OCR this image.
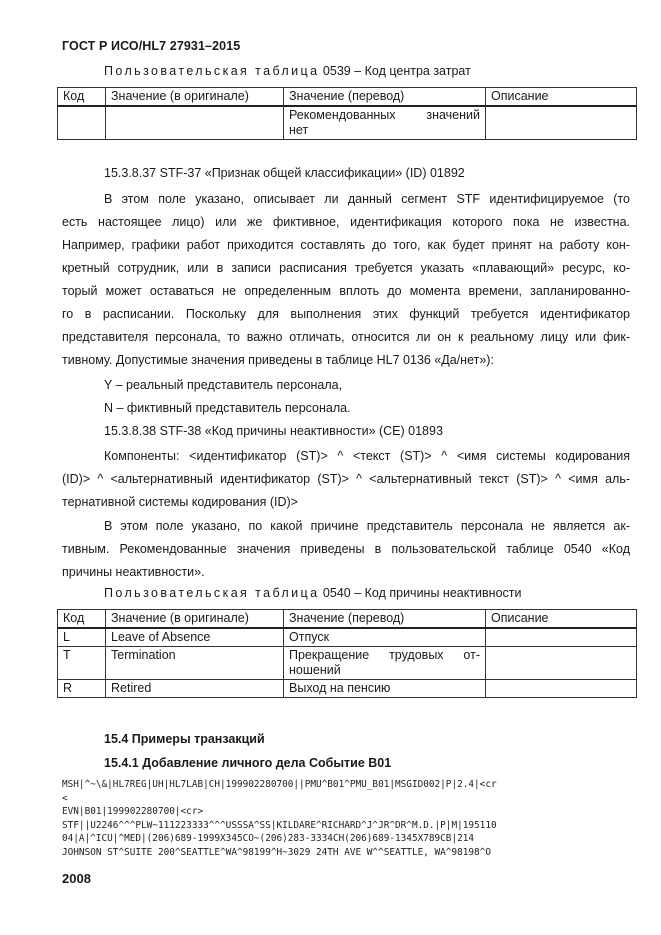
ГОСТ Р ИСО/HL7 27931–2015
Пользовательская таблица 0539 – Код центра затрат
Код	Значение (в оригинале)	Значение (перевод)	Описание

		Рекомендованных значений
нет	

15.3.8.37 STF-37 «Признак общей классификации» (ID) 01892
В этом поле указано, описывает ли данный сегмент STF идентифицируемое (то
есть настоящее лицо) или же фиктивное, идентификация которого пока не известна.
Например, графики работ приходится составлять до того, как будет принят на работу кон-
кретный сотрудник, или в записи расписания требуется указать «плавающий» ресурс, ко-
торый может оставаться не определенным вплоть до момента времени, запланированно-
го в расписании. Поскольку для выполнения этих функций требуется идентификатор
представителя персонала, то важно отличать, относится ли он к реальному лицу или фик-
тивному. Допустимые значения приведены в таблице HL7 0136 «Да/нет»):
Y – реальный представитель персонала,
N – фиктивный представитель персонала.
15.3.8.38 STF-38 «Код причины неактивности» (CE) 01893
Компоненты: <идентификатор (ST)> ^ <текст (ST)> ^ <имя системы кодирования
(ID)> ^ <альтернативный идентификатор (ST)> ^ <альтернативный текст (ST)> ^ <имя аль-
тернативной системы кодирования (ID)>
В этом поле указано, по какой причине представитель персонала не является ак-
тивным. Рекомендованные значения приведены в пользовательской таблице 0540 «Код
причины неактивности».
Пользовательская таблица 0540 – Код причины неактивности
Код	Значение (в оригинале)	Значение (перевод)	Описание
L	Leave of Absence	Отпуск	

T	Termination	Прекращение трудовых от-
ношений	

R	Retired	Выход на пенсию	

15.4 Примеры транзакций
15.4.1 Добавление личного дела Событие B01
MSH|^~\&|HL7REG|UH|HL7LAB|CH|199902280700||PMU^B01^PMU_B01|MSGID002|P|2.4|<cr
<
EVN|B01|199902280700|<cr>
STF||U2246^^^PLW~111223333^^^USSSA^SS|KILDARE^RICHARD^J^JR^DR^M.D.|P|M|195110
04|A|^ICU|^MED|(206)689-1999X345CO~(206)283-3334CH(206)689-1345X789CB|214
JOHNSON ST^SUITE 200^SEATTLE^WA^98199^H~3029 24TH AVE W^^SEATTLE, WA^98198^O
2008
